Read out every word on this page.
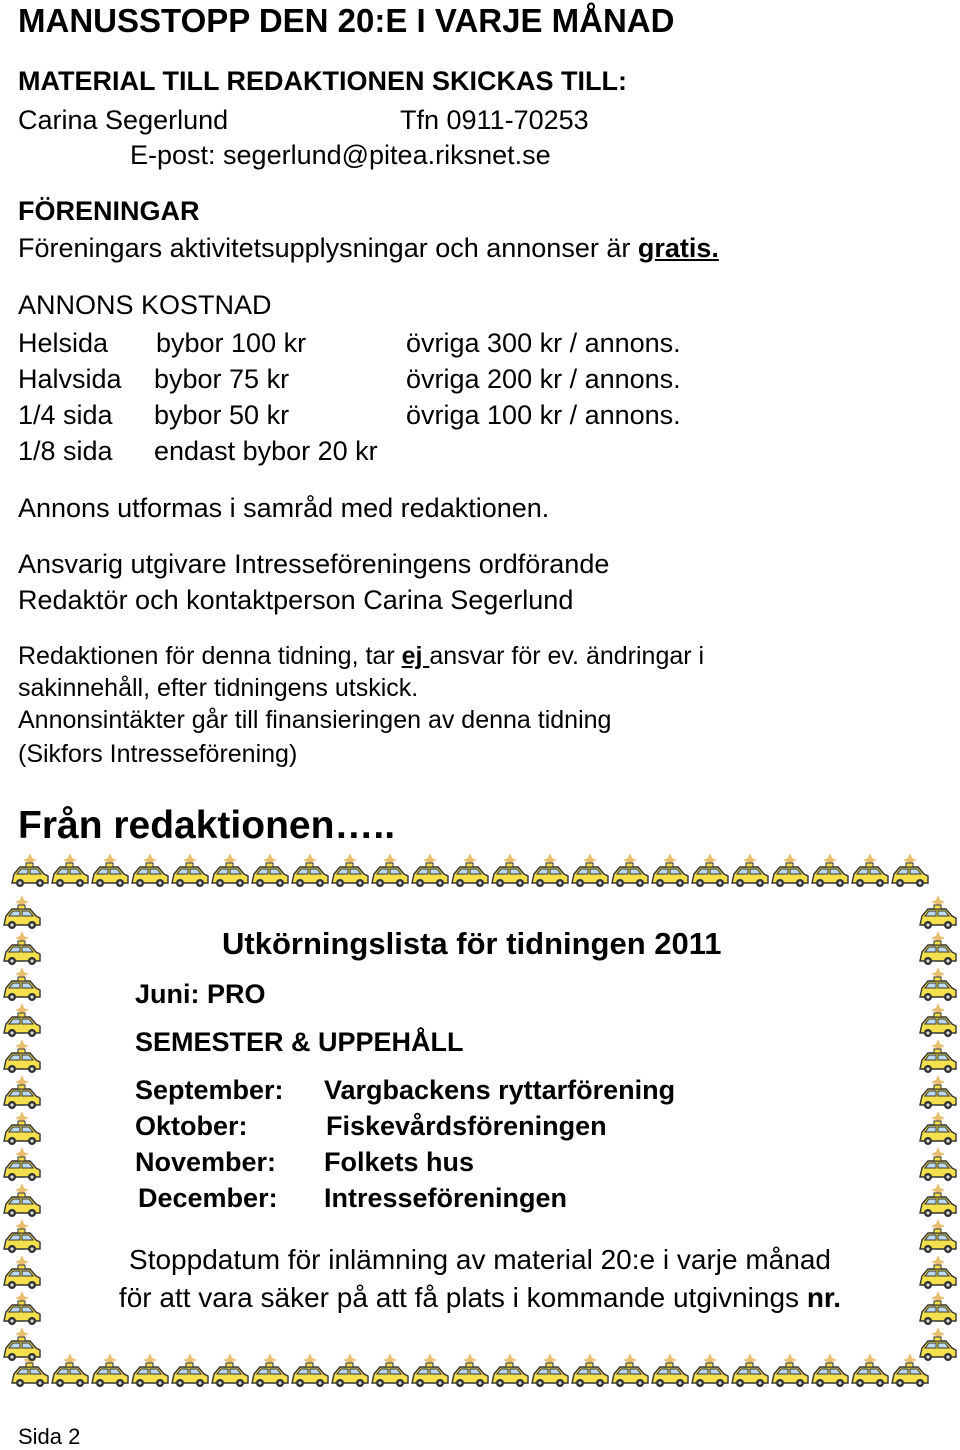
MANUSSTOPP DEN 20:E I VARJE MÅNAD
MATERIAL TILL REDAKTIONEN SKICKAS TILL:
Carina Segerlund	Tfn 0911-70253
E-post: segerlund@pitea.riksnet.se
FÖRENINGAR
Föreningars aktivitetsupplysningar och annonser är gratis.
ANNONS KOSTNAD
Helsida bybor 100 kr	övriga 300 kr / annons.
Halvsida bybor 75 kr	övriga 200 kr / annons.
1/4 sida bybor 50 kr	övriga 100 kr / annons.
1/8 sida endast bybor 20 kr
Annons utformas i samråd med redaktionen.
Ansvarig utgivare Intresseföreningens ordförande
Redaktör och kontaktperson Carina Segerlund
Redaktionen för denna tidning, tar ej ansvar för ev. ändringar i
sakinnehåll, efter tidningens utskick.
Annonsintäkter går till finansieringen av denna tidning
(Sikfors Intresseförening)
Från redaktionen…..
Utkörningslista för tidningen 2011
Juni: PRO
SEMESTER & UPPEHÅLL
September: Vargbackens ryttarförening
Oktober:	Fiskevårdsföreningen
November: Folkets hus
December: Intresseföreningen
Stoppdatum för inlämning av material 20:e i varje månad
för att vara säker på att få plats i kommande utgivnings nr.
Sida 2
